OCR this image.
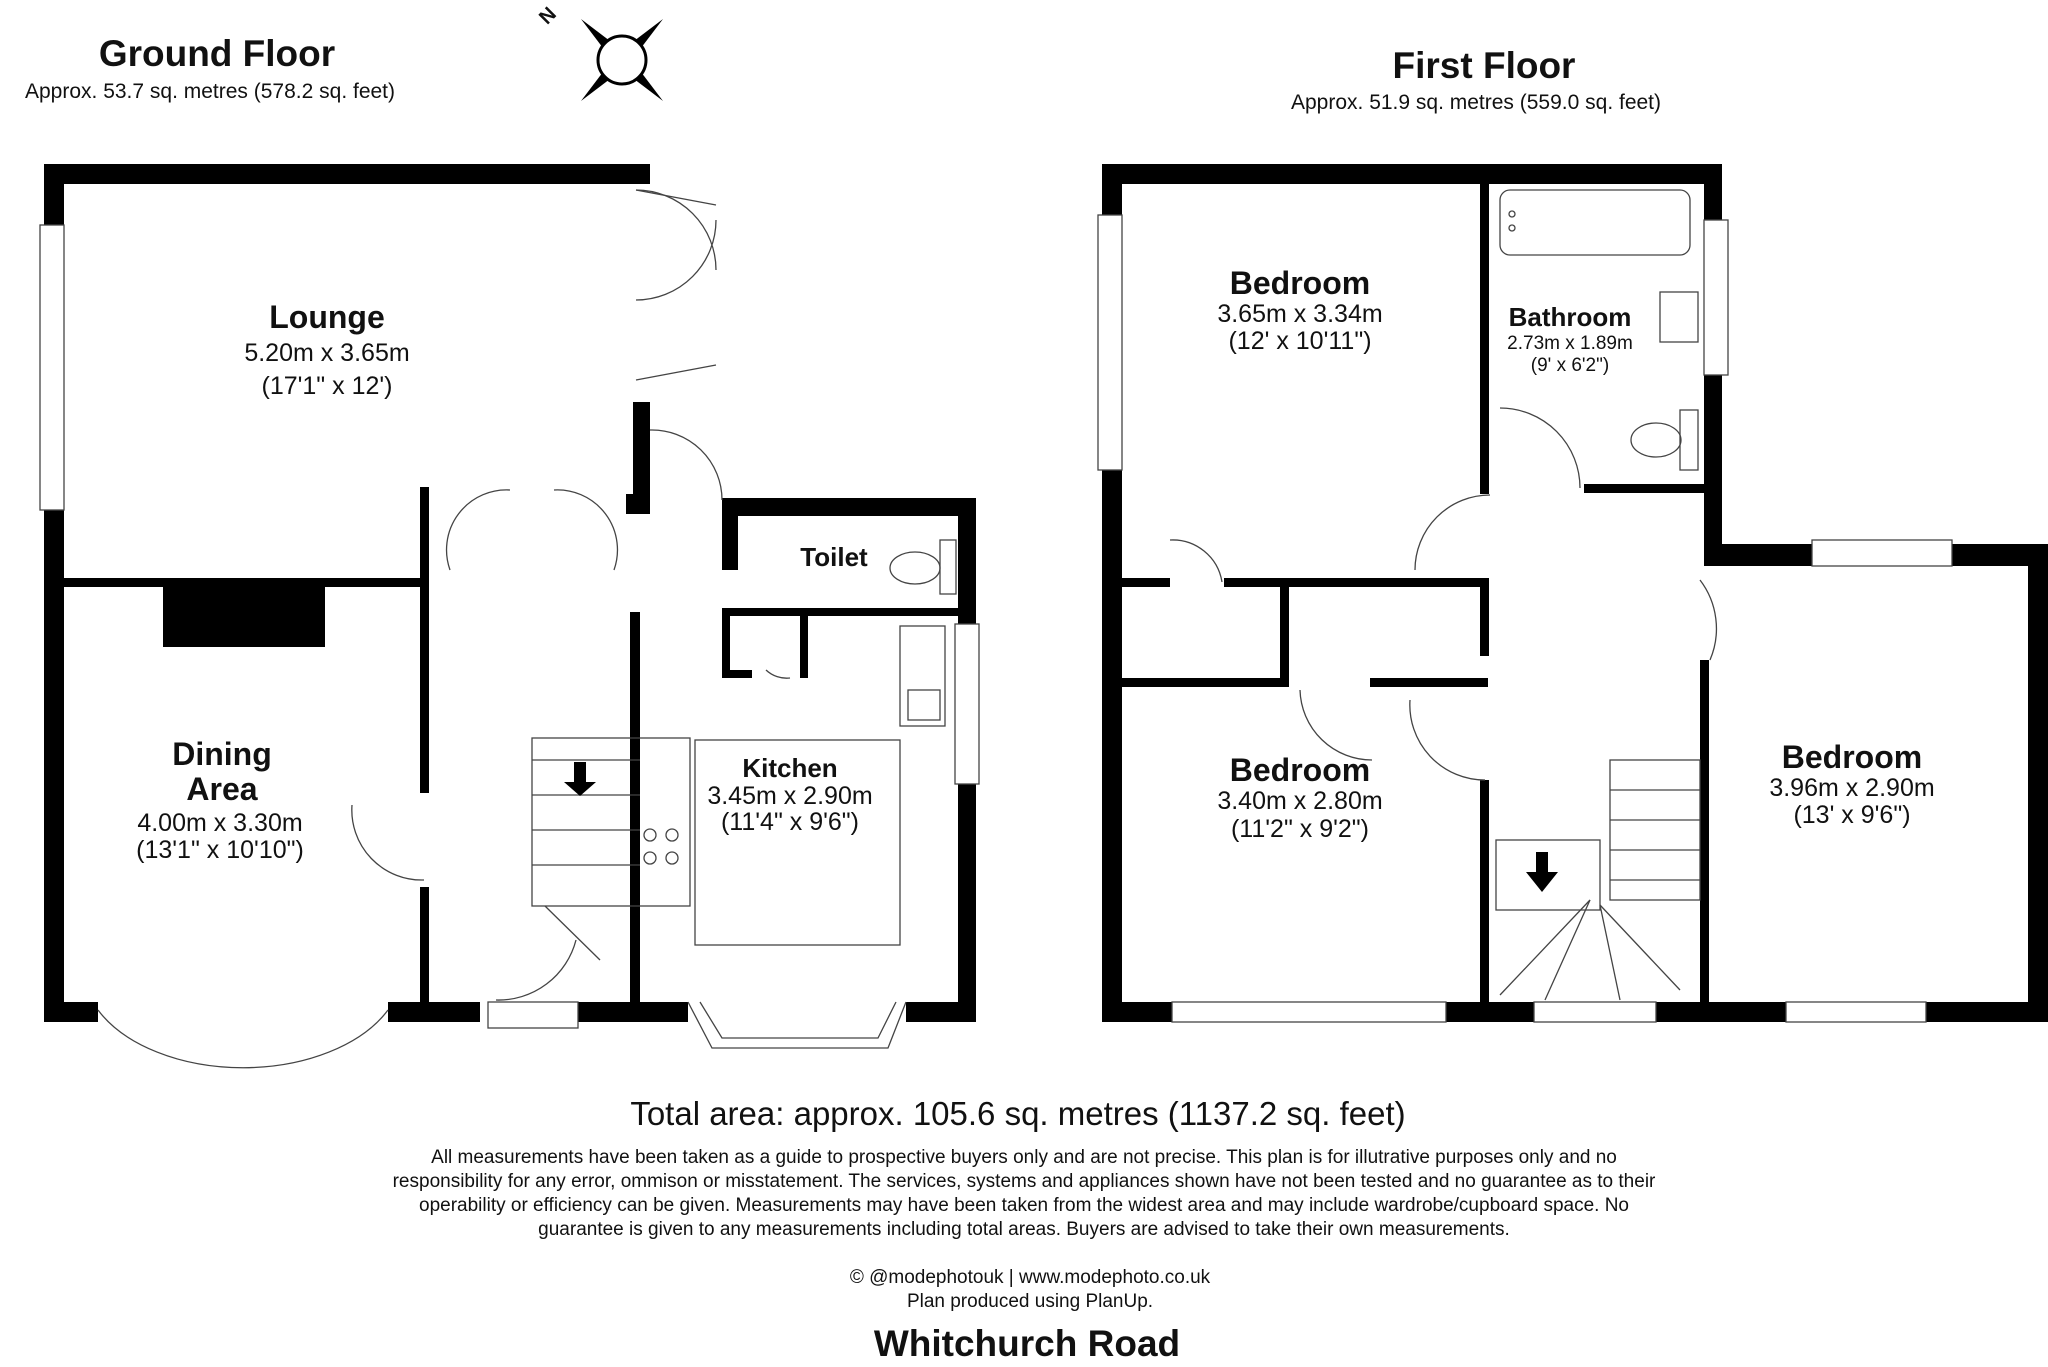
Ground Floor
Approx. 53.7 sq. metres (578.2 sq. feet)
First Floor
Approx. 51.9 sq. metres (559.0 sq. feet)
N
Lounge
5.20m x 3.65m
(17'1" x 12')
Dining
Area
4.00m x 3.30m
(13'1" x 10'10")
Toilet
Kitchen
3.45m x 2.90m
(11'4" x 9'6")
Bedroom
3.65m x 3.34m
(12' x 10'11")
Bathroom
2.73m x 1.89m
(9' x 6'2")
Bedroom
3.40m x 2.80m
(11'2" x 9'2")
Bedroom
3.96m x 2.90m
(13' x 9'6")
Total area: approx. 105.6 sq. metres (1137.2 sq. feet)
All measurements have been taken as a guide to prospective buyers only and are not precise. This plan is for illutrative purposes only and no
responsibility for any error, ommison or misstatement. The services, systems and appliances shown have not been tested and no guarantee as to their
operability or efficiency can be given. Measurements may have been taken from the widest area and may include wardrobe/cupboard space. No
guarantee is given to any measurements including total areas. Buyers are advised to take their own measurements.
© @modephotouk | www.modephoto.co.uk
Plan produced using PlanUp.
Whitchurch Road
